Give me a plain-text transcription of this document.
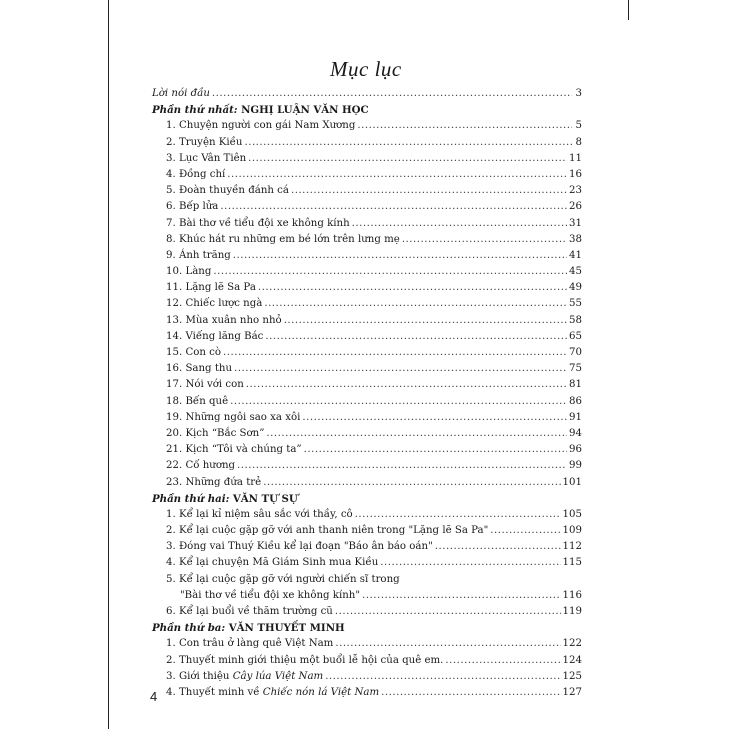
Mục lục
Lời nói đầu .....	3
Phần thứ nhất:
NGHỊ LUẬN VĂN HỌC
1. Chuyện người con gái Nam Xương .....	5
2. Truyện Kiều .....	8
3. Lục Vân Tiên .....	11
4. Đồng chí .....	16
5. Đoàn thuyền đánh cá .....	23
6. Bếp lửa .....	26
7. Bài thơ về tiểu đội xe không kính .....	31
8. Khúc hát ru những em bé lớn trên lưng mẹ .....	38
9. Ánh trăng .....	41
10. Làng .....	45
11. Lặng lẽ Sa Pa .....	49
12. Chiếc lược ngà .....	55
13. Mùa xuân nho nhỏ .....	58
14. Viếng lăng Bác .....	65
15. Con cò .....	70
16. Sang thu .....	75
17. Nói với con .....	81
18. Bến quê .....	86
19. Những ngôi sao xa xôi .....	91
20. Kịch “Bắc Sơn” .....	94
21. Kịch “Tôi và chúng ta” .....	96
22. Cố hương .....	99
23. Những đứa trẻ .....	101
Phần thứ hai:
VĂN TỰ SỰ
1. Kể lại kỉ niệm sâu sắc với thầy, cô .....	105
2. Kể lại cuộc gặp gỡ với anh thanh niên trong "Lặng lẽ Sa Pa" .....	109
3. Đóng vai Thuý Kiều kể lại đoạn "Báo ân báo oán" .....	112
4. Kể lại chuyện Mã Giám Sinh mua Kiều .....	115
5. Kể lại cuộc gặp gỡ với người chiến sĩ trong
"Bài thơ về tiểu đội xe không kính" .....	116
6. Kể lại buổi về thăm trường cũ .....	119
Phần thứ ba:
VĂN THUYẾT MINH
1. Con trâu ở làng quê Việt Nam .....	122
2. Thuyết minh giới thiệu một buổi lễ hội của quê em. .....	124
3. Giới thiệu Cây lúa Việt Nam .....	125
4. Thuyết minh về Chiếc nón lá Việt Nam .....	127
4
